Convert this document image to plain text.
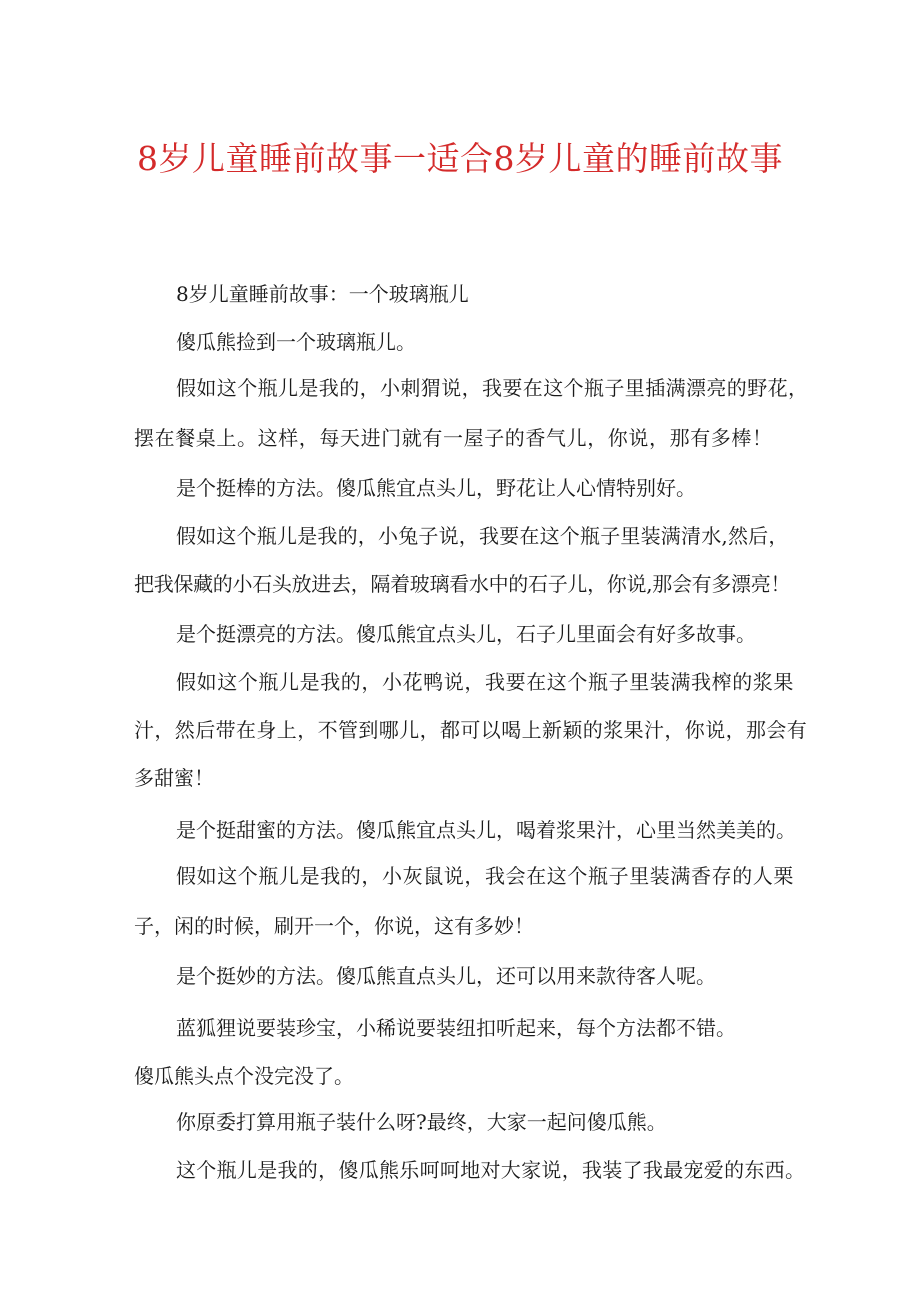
8岁儿童睡前故事一适合8岁儿童的睡前故事

8岁儿童睡前故事：一个玻璃瓶儿

傻瓜熊捡到一个玻璃瓶儿。

假如这个瓶儿是我的，小刺猬说，我要在这个瓶子里插满漂亮的野花，

摆在餐桌上。这样，每天进门就有一屋子的香气儿，你说，那有多棒！

是个挺棒的方法。傻瓜熊宜点头儿，野花让人心情特别好。

假如这个瓶儿是我的，小兔子说，我要在这个瓶子里装满清水,然后，

把我保藏的小石头放进去，隔着玻璃看水中的石子儿，你说,那会有多漂亮！

是个挺漂亮的方法。傻瓜熊宜点头儿，石子儿里面会有好多故事。

假如这个瓶儿是我的，小花鸭说，我要在这个瓶子里装满我榨的浆果

汁，然后带在身上，不管到哪儿，都可以喝上新颖的浆果汁，你说，那会有

多甜蜜！

是个挺甜蜜的方法。傻瓜熊宜点头儿，喝着浆果汁，心里当然美美的。

假如这个瓶儿是我的，小灰鼠说，我会在这个瓶子里装满香存的人栗

子，闲的时候，刷开一个，你说，这有多妙！

是个挺妙的方法。傻瓜熊直点头儿，还可以用来款待客人呢。

蓝狐狸说要装珍宝，小稀说要装纽扣听起来，每个方法都不错。

傻瓜熊头点个没完没了。

你原委打算用瓶子装什么呀?最终，大家一起问傻瓜熊。

这个瓶儿是我的，傻瓜熊乐呵呵地对大家说，我装了我最宠爱的东西。
